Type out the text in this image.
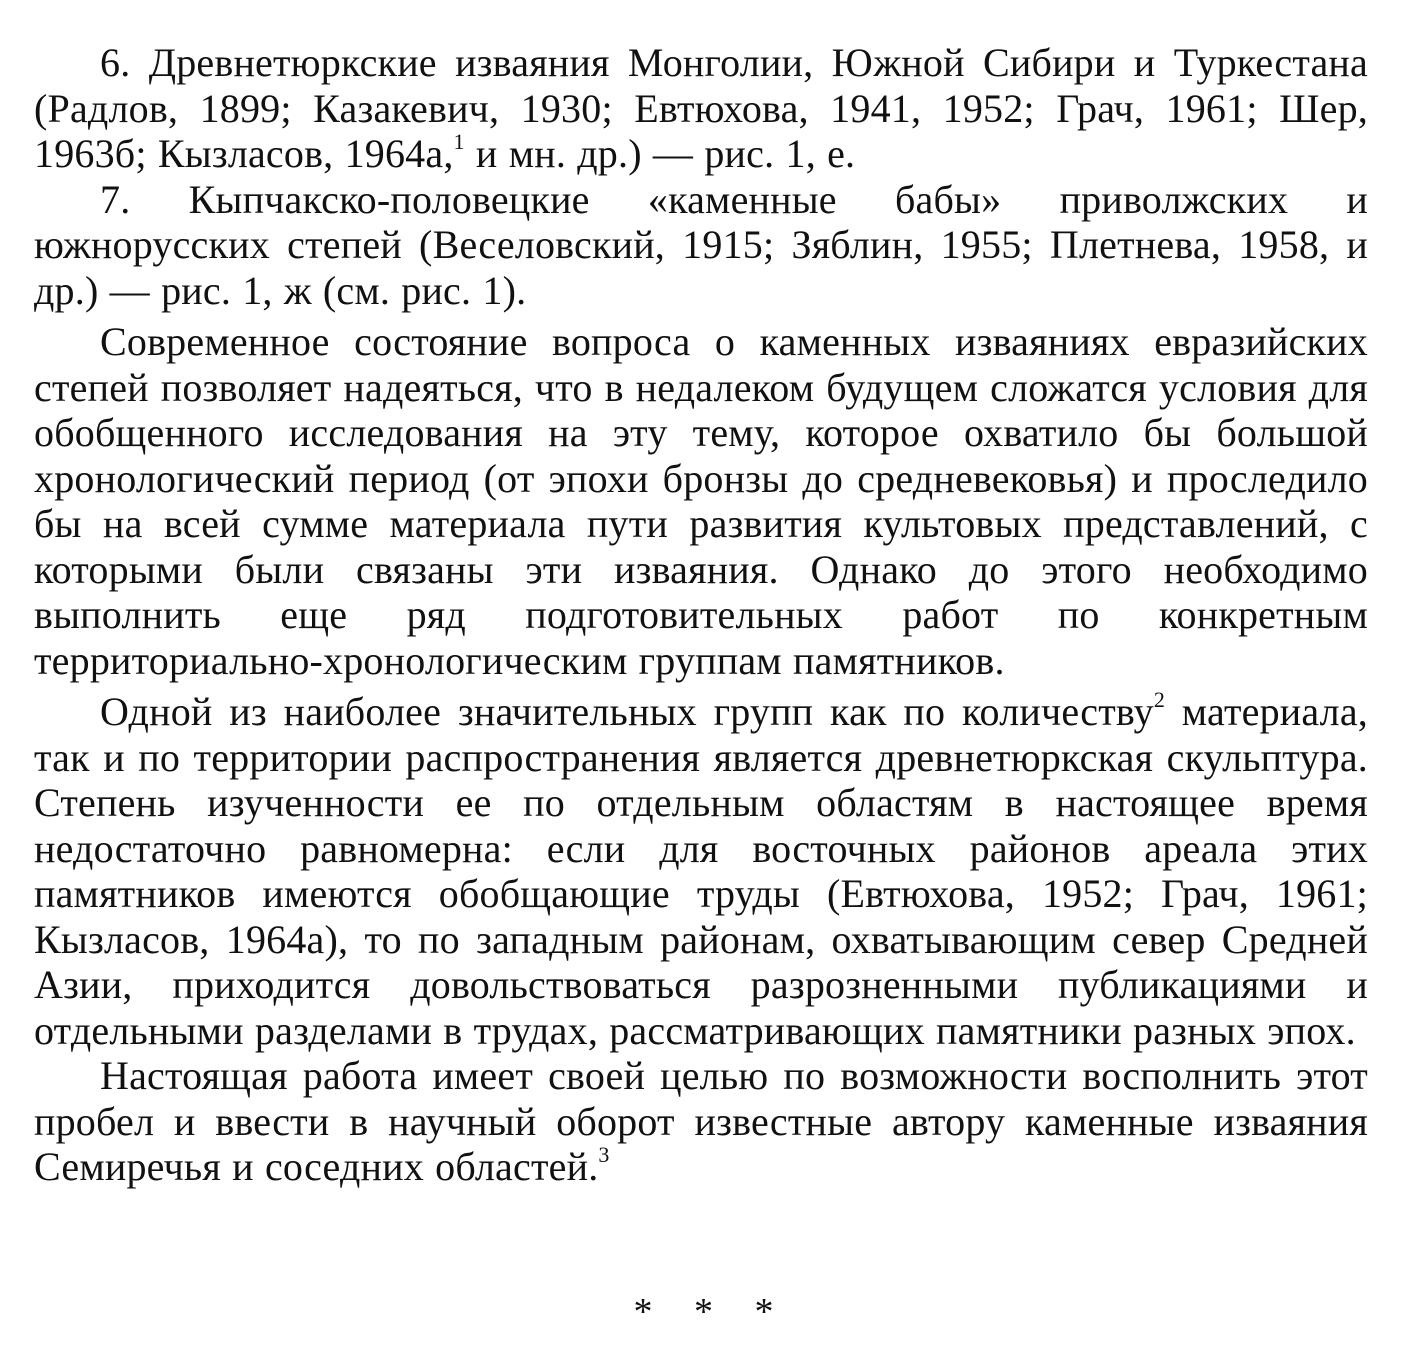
6. Древнетюркские изваяния Монголии, Южной Сибири и Туркестана (Радлов, 1899; Казакевич, 1930; Евтюхова, 1941, 1952; Грач, 1961; Шер, 1963б; Кызласов, 1964а,$^1$ и мн. др.) — рис. 1, е.

7. Кыпчакско-половецкие «каменные бабы» приволжских и южнорусских степей (Веселовский, 1915; Зяблин, 1955; Плетнева, 1958, и др.) — рис. 1, ж (см. рис. 1).

Современное состояние вопроса о каменных изваяниях евразийских степей позволяет надеяться, что в недалеком будущем сложатся условия для обобщенного исследования на эту тему, которое охватило бы большой хронологический период (от эпохи бронзы до средневековья) и проследило бы на всей сумме материала пути развития культовых представлений, с которыми были связаны эти изваяния. Однако до этого необходимо выполнить еще ряд подготовительных работ по конкретным территориально-хронологическим группам памятников.

Одной из наиболее значительных групп как по количеству$^2$ материала, так и по территории распространения является древнетюркская скульптура. Степень изученности ее по отдельным областям в настоящее время недостаточно равномерна: если для восточных районов ареала этих памятников имеются обобщающие труды (Евтюхова, 1952; Грач, 1961; Кызласов, 1964а), то по западным районам, охватывающим север Средней Азии, приходится довольствоваться разрозненными публикациями и отдельными разделами в трудах, рассматривающих памятники разных эпох.

Настоящая работа имеет своей целью по возможности восполнить этот пробел и ввести в научный оборот известные автору каменные изваяния Семиречья и соседних областей.$^3$

* * *
